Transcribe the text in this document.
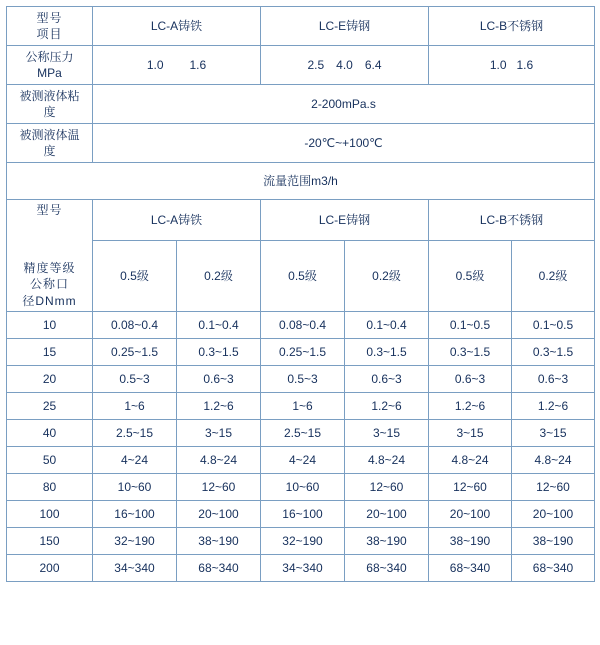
型号
项目	LC-A铸铁		LC-E铸钢		LC-B不锈钢	

公称压力
MPa	1.0 1.6		2.5 4.0 6.4		1.0 1.6	

被测液体粘
度	2-200mPa.s					

被测液体温
度	-20℃~+100℃					
流量范围m3/h						

型号
精度等级
公称口
径DNmm	LC-A铸铁		LC-E铸钢		LC-B不锈钢	
	0.5级	0.2级	0.5级	0.2级	0.5级	0.2级
10	0.08~0.4	0.1~0.4	0.08~0.4	0.1~0.4	0.1~0.5	0.1~0.5
15	0.25~1.5	0.3~1.5	0.25~1.5	0.3~1.5	0.3~1.5	0.3~1.5
20	0.5~3	0.6~3	0.5~3	0.6~3	0.6~3	0.6~3
25	1~6	1.2~6	1~6	1.2~6	1.2~6	1.2~6
40	2.5~15	3~15	2.5~15	3~15	3~15	3~15
50	4~24	4.8~24	4~24	4.8~24	4.8~24	4.8~24
80	10~60	12~60	10~60	12~60	12~60	12~60
100	16~100	20~100	16~100	20~100	20~100	20~100
150	32~190	38~190	32~190	38~190	38~190	38~190
200	34~340	68~340	34~340	68~340	68~340	68~340
